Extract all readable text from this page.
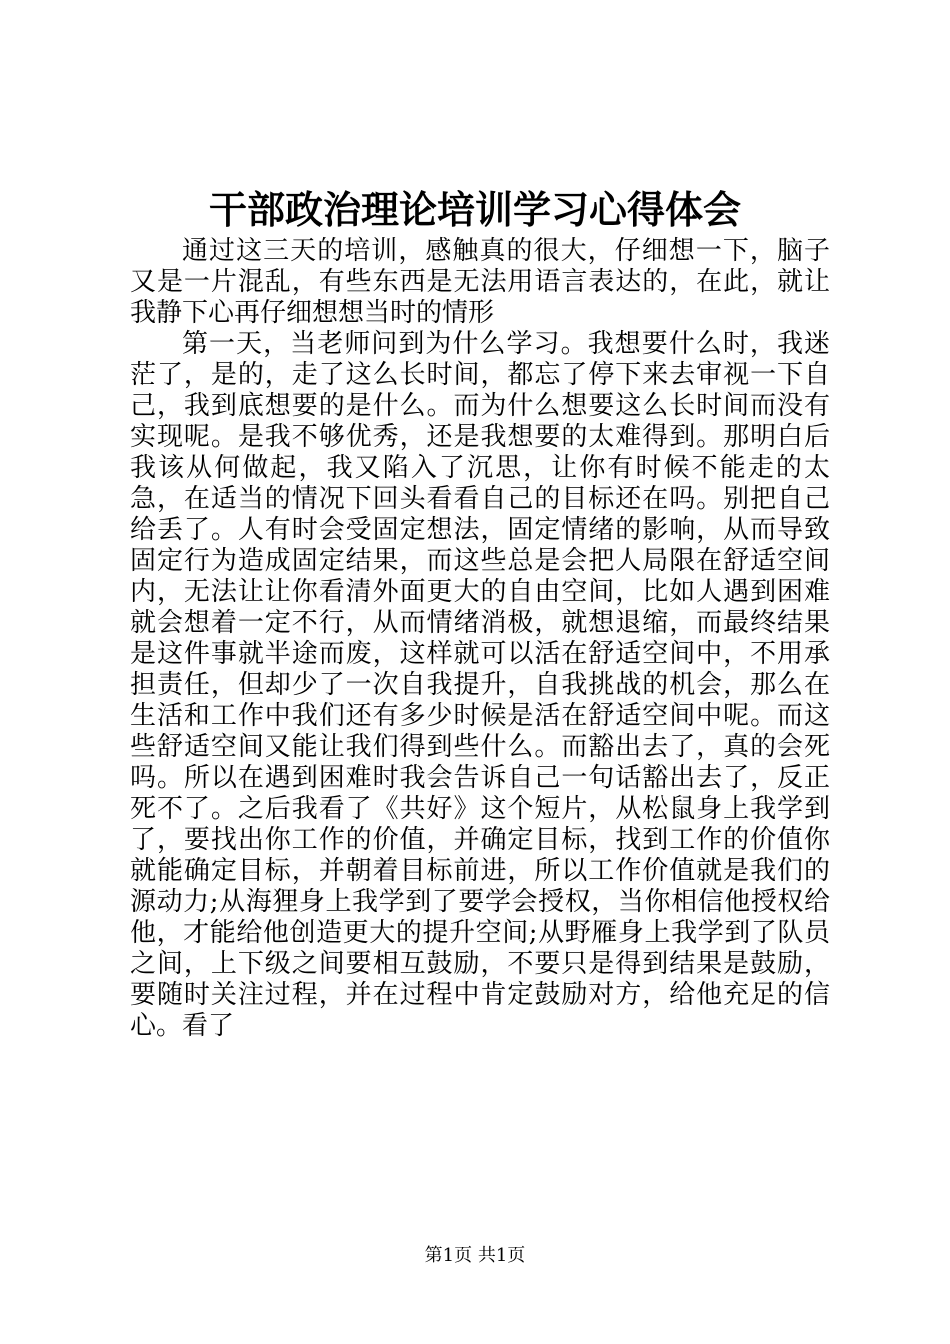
干部政治理论培训学习心得体会

通过这三天的培训，感触真的很大，仔细想一下，脑子又是一片混乱，有些东西是无法用语言表达的，在此，就让我静下心再仔细想想当时的情形

第一天，当老师问到为什么学习。我想要什么时，我迷茫了，是的，走了这么长时间，都忘了停下来去审视一下自己，我到底想要的是什么。而为什么想要这么长时间而没有实现呢。是我不够优秀，还是我想要的太难得到。那明白后我该从何做起，我又陷入了沉思，让你有时候不能走的太急，在适当的情况下回头看看自己的目标还在吗。别把自己给丢了。人有时会受固定想法，固定情绪的影响，从而导致固定行为造成固定结果，而这些总是会把人局限在舒适空间内，无法让让你看清外面更大的自由空间，比如人遇到困难就会想着一定不行，从而情绪消极，就想退缩，而最终结果是这件事就半途而废，这样就可以活在舒适空间中，不用承担责任，但却少了一次自我提升，自我挑战的机会，那么在生活和工作中我们还有多少时候是活在舒适空间中呢。而这些舒适空间又能让我们得到些什么。而豁出去了，真的会死吗。所以在遇到困难时我会告诉自己一句话豁出去了，反正死不了。之后我看了《共好》这个短片，从松鼠身上我学到了，要找出你工作的价值，并确定目标，找到工作的价值你就能确定目标，并朝着目标前进，所以工作价值就是我们的源动力;从海狸身上我学到了要学会授权，当你相信他授权给他，才能给他创造更大的提升空间;从野雁身上我学到了队员之间，上下级之间要相互鼓励，不要只是得到结果是鼓励，要随时关注过程，并在过程中肯定鼓励对方，给他充足的信心。看了

第1页 共1页
